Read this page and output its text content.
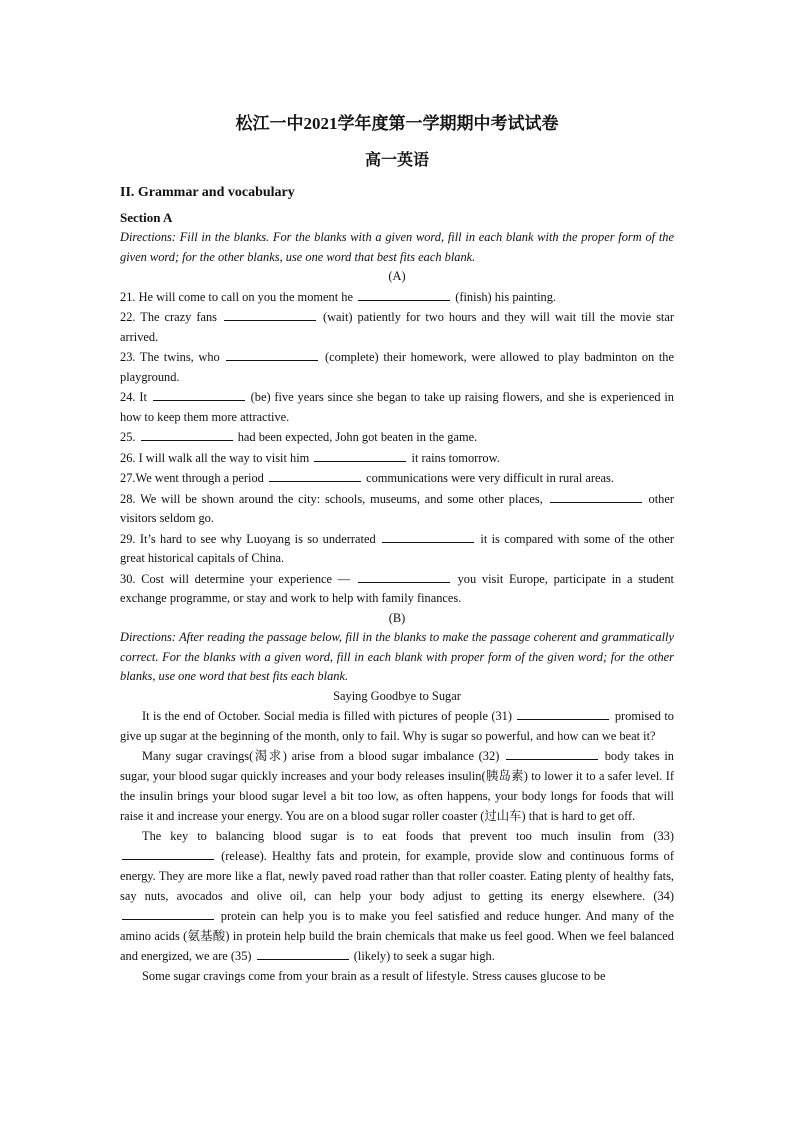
松江一中2021学年度第一学期期中考试试卷
高一英语
II. Grammar and vocabulary
Section A
Directions: Fill in the blanks. For the blanks with a given word, fill in each blank with the proper form of the given word; for the other blanks, use one word that best fits each blank.
(A)
21. He will come to call on you the moment he	(finish) his painting.
22. The crazy fans	(wait) patiently for two hours and they will wait till the movie star arrived.
23. The twins, who	(complete) their homework, were allowed to play badminton on the playground.
24. It	(be) five years since she began to take up raising flowers, and she is experienced in how to keep them more attractive.
25.	had been expected, John got beaten in the game.
26. I will walk all the way to visit him	it rains tomorrow.
27.We went through a period	communications were very difficult in rural areas.
28. We will be shown around the city: schools, museums, and some other places,	other visitors seldom go.
29. It’s hard to see why Luoyang is so underrated	it is compared with some of the other great historical capitals of China.
30. Cost will determine your experience —	you visit Europe, participate in a student exchange programme, or stay and work to help with family finances.
(B)
Directions: After reading the passage below, fill in the blanks to make the passage coherent and grammatically correct. For the blanks with a given word, fill in each blank with proper form of the given word; for the other blanks, use one word that best fits each blank.
Saying Goodbye to Sugar
It is the end of October. Social media is filled with pictures of people (31)	promised to give up sugar at the beginning of the month, only to fail. Why is sugar so powerful, and how can we beat it?
Many sugar cravings(渴求) arise from a blood sugar imbalance (32)	body takes in sugar, your blood sugar quickly increases and your body releases insulin(胰岛素) to lower it to a safer level. If the insulin brings your blood sugar level a bit too low, as often happens, your body longs for foods that will raise it and increase your energy. You are on a blood sugar roller coaster (过山车) that is hard to get off.
The key to balancing blood sugar is to eat foods that prevent too much insulin from (33)  (release). Healthy fats and protein, for example, provide slow and continuous forms of energy. They are more like a flat, newly paved road rather than that roller coaster. Eating plenty of healthy fats, say nuts, avocados and olive oil, can help your body adjust to getting its energy elsewhere. (34)  protein can help you is to make you feel satisfied and reduce hunger. And many of the amino acids (氨基酸) in protein help build the brain chemicals that make us feel good. When we feel balanced and energized, we are (35)	(likely) to seek a sugar high.
Some sugar cravings come from your brain as a result of lifestyle. Stress causes glucose to be
